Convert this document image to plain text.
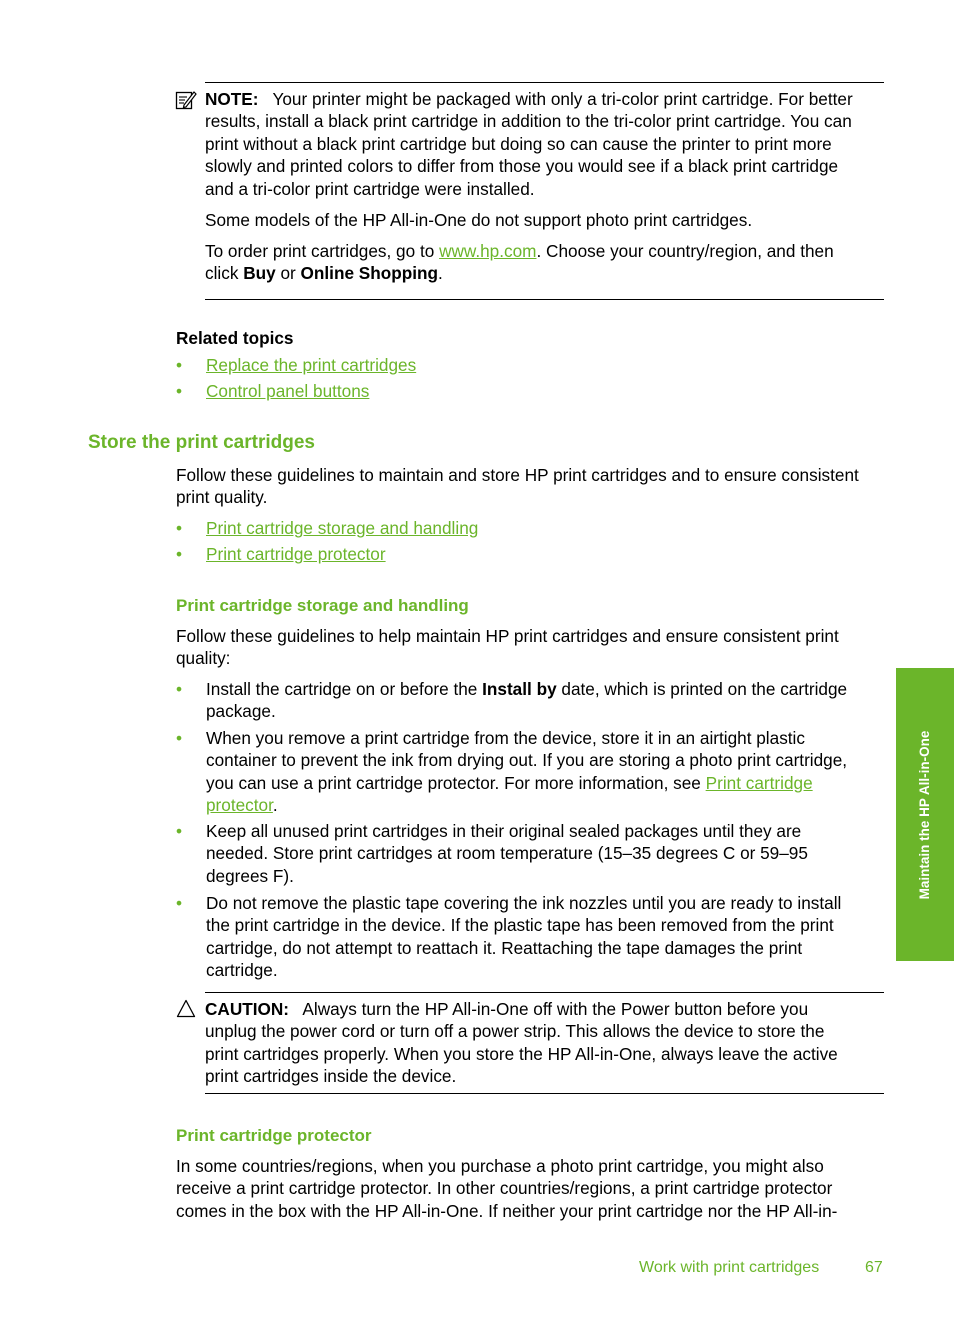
NOTE: Your printer might be packaged with only a tri-color print cartridge. For better
results, install a black print cartridge in addition to the tri-color print cartridge. You can
print without a black print cartridge but doing so can cause the printer to print more
slowly and printed colors to differ from those you would see if a black print cartridge
and a tri-color print cartridge were installed.
Some models of the HP All-in-One do not support photo print cartridges.
To order print cartridges, go to www.hp.com. Choose your country/region, and then
click Buy or Online Shopping.
Related topics
• Replace the print cartridges
• Control panel buttons
Store the print cartridges
Follow these guidelines to maintain and store HP print cartridges and to ensure consistent
print quality.
• Print cartridge storage and handling
• Print cartridge protector
Print cartridge storage and handling
Follow these guidelines to help maintain HP print cartridges and ensure consistent print
quality:
• Install the cartridge on or before the Install by date, which is printed on the cartridge
package.
• When you remove a print cartridge from the device, store it in an airtight plastic
container to prevent the ink from drying out. If you are storing a photo print cartridge,
you can use a print cartridge protector. For more information, see Print cartridge
protector.
• Keep all unused print cartridges in their original sealed packages until they are
needed. Store print cartridges at room temperature (15–35 degrees C or 59–95
degrees F).
• Do not remove the plastic tape covering the ink nozzles until you are ready to install
the print cartridge in the device. If the plastic tape has been removed from the print
cartridge, do not attempt to reattach it. Reattaching the tape damages the print
cartridge.
CAUTION: Always turn the HP All-in-One off with the Power button before you
unplug the power cord or turn off a power strip. This allows the device to store the
print cartridges properly. When you store the HP All-in-One, always leave the active
print cartridges inside the device.
Print cartridge protector
In some countries/regions, when you purchase a photo print cartridge, you might also
receive a print cartridge protector. In other countries/regions, a print cartridge protector
comes in the box with the HP All-in-One. If neither your print cartridge nor the HP All-in-
Maintain the HP All-in-One
Work with print cartridges	67
